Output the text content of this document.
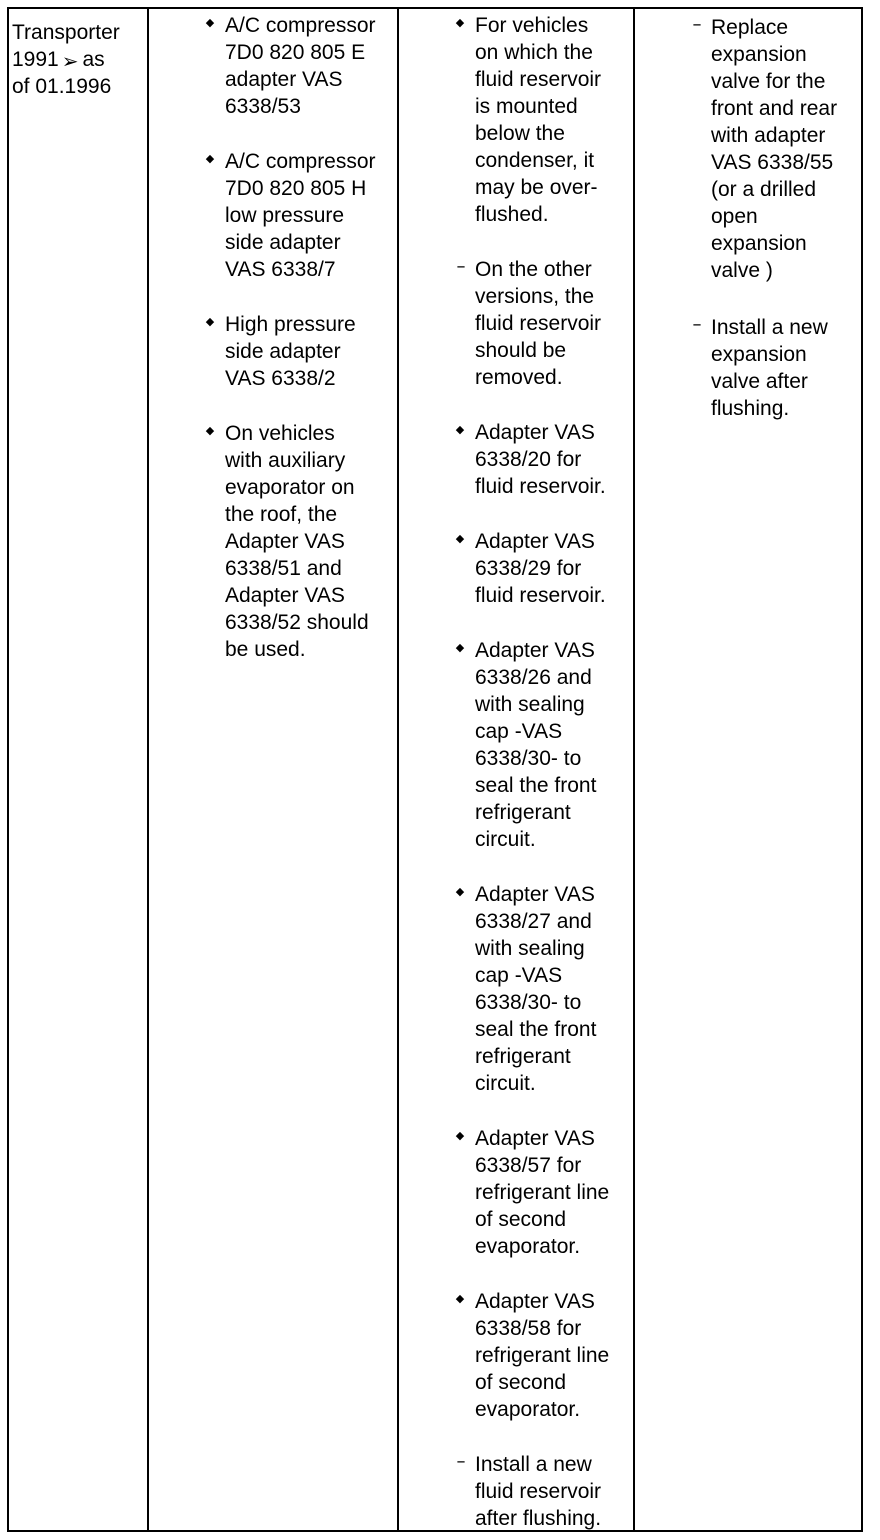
Transporter
1991 ➢ as
of 01.1996
◆ A/C compressor
7D0 820 805 E
adapter VAS
6338/53
◆ A/C compressor
7D0 820 805 H
low pressure
side adapter
VAS 6338/7
◆ High pressure
side adapter
VAS 6338/2
◆ On vehicles
with auxiliary
evaporator on
the roof, the
Adapter VAS
6338/51 and
Adapter VAS
6338/52 should
be used.
◆ For vehicles
on which the
fluid reservoir
is mounted
below the
condenser, it
may be over-
flushed.
– On the other
versions, the
fluid reservoir
should be
removed.
◆ Adapter VAS
6338/20 for
fluid reservoir.
◆ Adapter VAS
6338/29 for
fluid reservoir.
◆ Adapter VAS
6338/26 and
with sealing
cap -VAS
6338/30- to
seal the front
refrigerant
circuit.
◆ Adapter VAS
6338/27 and
with sealing
cap -VAS
6338/30- to
seal the front
refrigerant
circuit.
◆ Adapter VAS
6338/57 for
refrigerant line
of second
evaporator.
◆ Adapter VAS
6338/58 for
refrigerant line
of second
evaporator.
– Install a new
fluid reservoir
after flushing.
– Replace
expansion
valve for the
front and rear
with adapter
VAS 6338/55
(or a drilled
open
expansion
valve )
– Install a new
expansion
valve after
flushing.
